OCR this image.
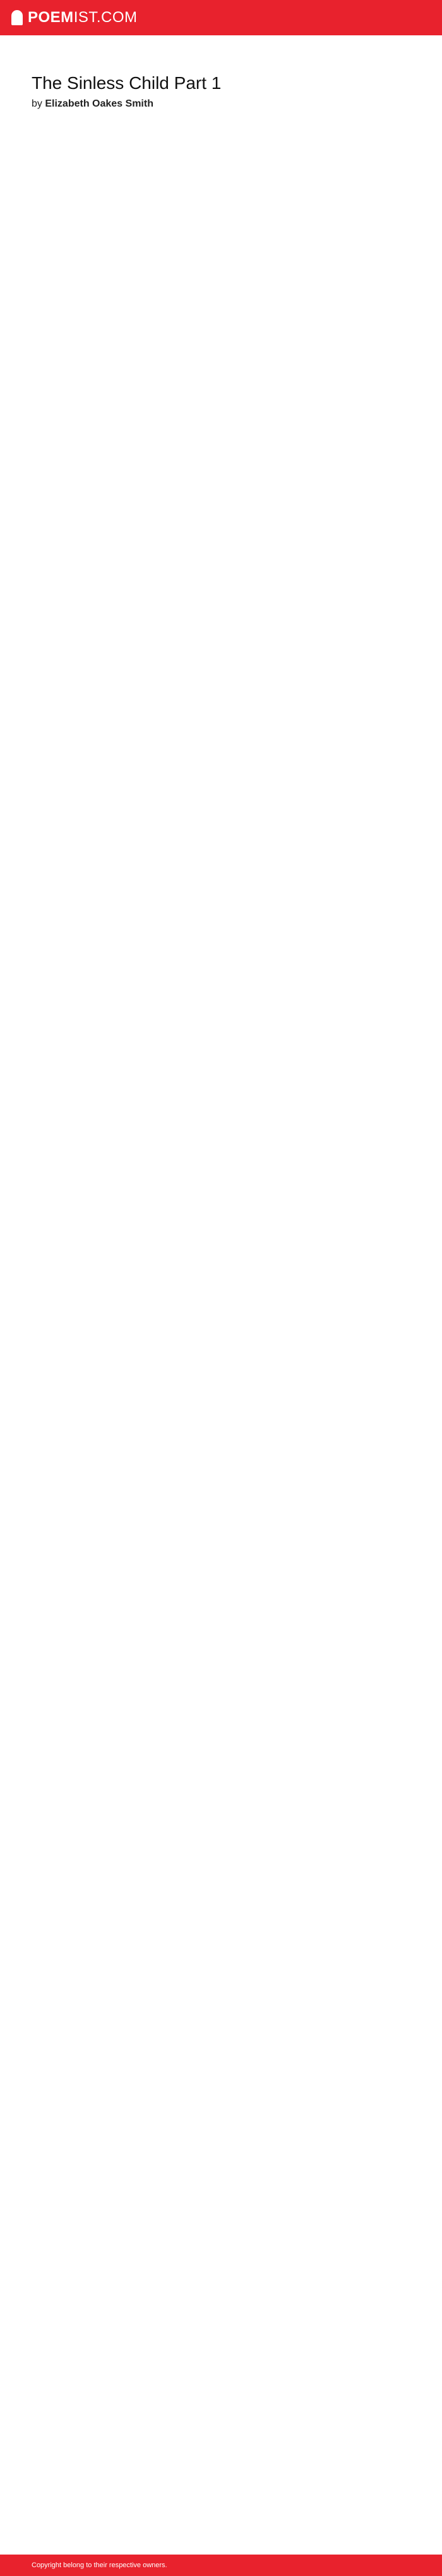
POEMIST.COM
The Sinless Child Part 1
by Elizabeth Oakes Smith
Copyright belong to their respective owners.
